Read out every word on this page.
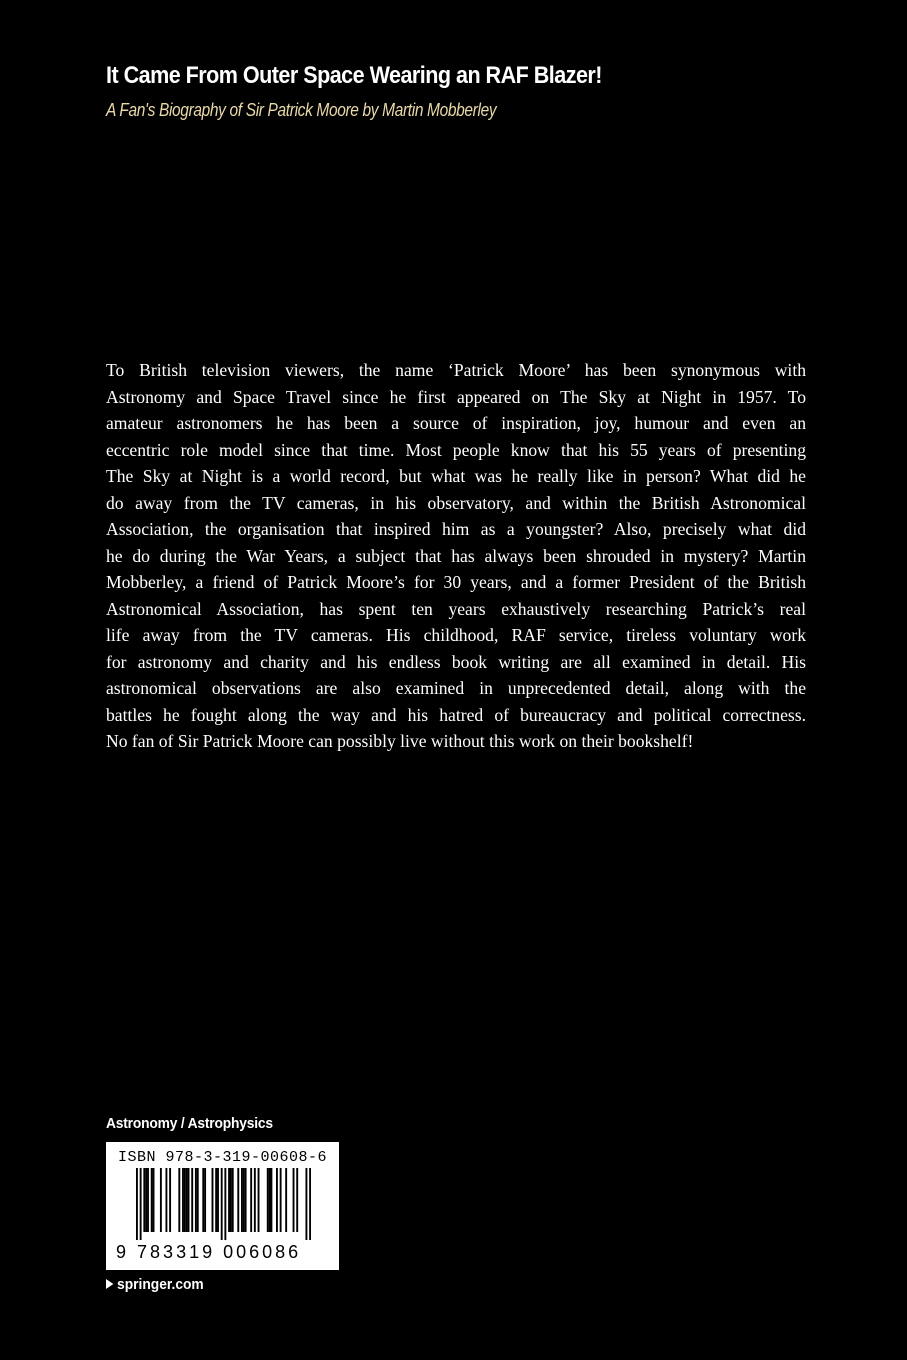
It Came From Outer Space Wearing an RAF Blazer!
A Fan's Biography of Sir Patrick Moore by Martin Mobberley
To British television viewers, the name ‘Patrick Moore’ has been synonymous with
Astronomy and Space Travel since he first appeared on The Sky at Night in 1957. To
amateur astronomers he has been a source of inspiration, joy, humour and even an
eccentric role model since that time. Most people know that his 55 years of presenting
The Sky at Night is a world record, but what was he really like in person? What did he
do away from the TV cameras, in his observatory, and within the British Astronomical
Association, the organisation that inspired him as a youngster? Also, precisely what did
he do during the War Years, a subject that has always been shrouded in mystery? Martin
Mobberley, a friend of Patrick Moore’s for 30 years, and a former President of the British
Astronomical Association, has spent ten years exhaustively researching Patrick’s real
life away from the TV cameras. His childhood, RAF service, tireless voluntary work
for astronomy and charity and his endless book writing are all examined in detail. His
astronomical observations are also examined in unprecedented detail, along with the
battles he fought along the way and his hatred of bureaucracy and political correctness.
No fan of Sir Patrick Moore can possibly live without this work on their bookshelf!
Astronomy / Astrophysics
ISBN 978-3-319-00608-6
9 783319 006086
springer.com
